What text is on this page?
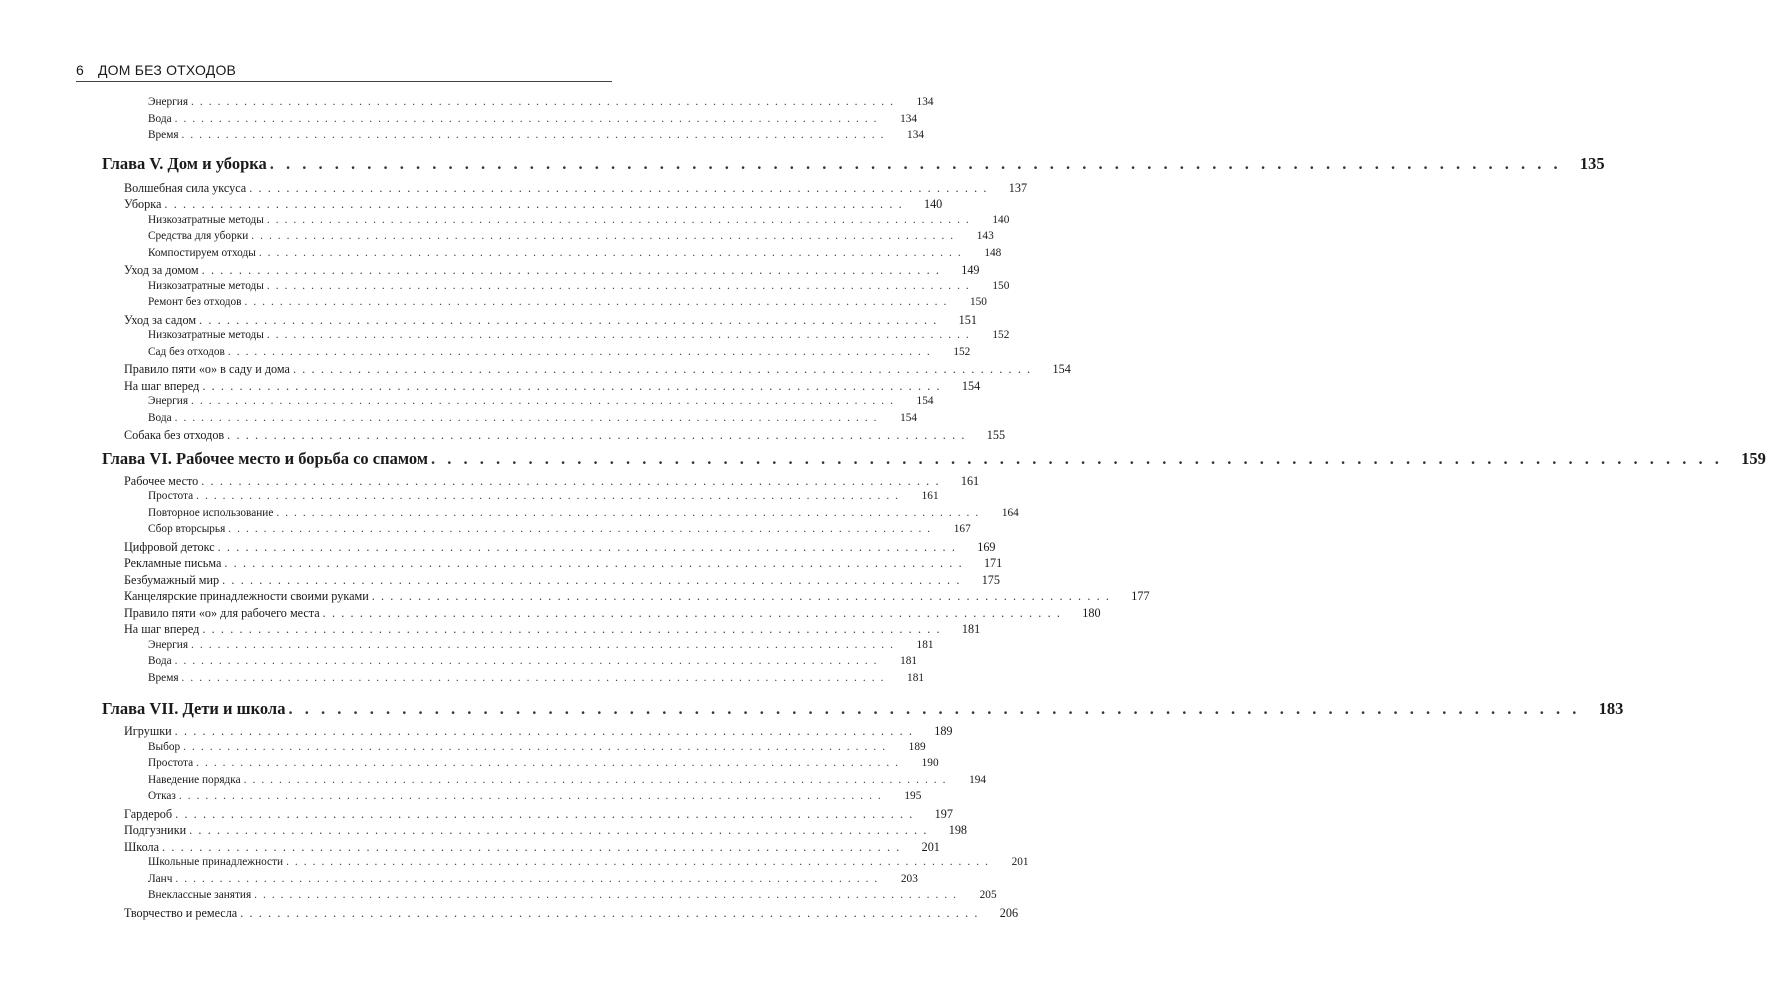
6 ДОМ БЕЗ ОТХОДОВ
Энергия . . . . . . . . . . . . . . . . . . . . . . . . . . . . . . . . . . . . . . . . . . . . . . . . . . . . . . . . . . . . . . . . . . . . . . . . . . . . . . . .	134
Вода . . . . . . . . . . . . . . . . . . . . . . . . . . . . . . . . . . . . . . . . . . . . . . . . . . . . . . . . . . . . . . . . . . . . . . . . . . . . . . . .	134
Время . . . . . . . . . . . . . . . . . . . . . . . . . . . . . . . . . . . . . . . . . . . . . . . . . . . . . . . . . . . . . . . . . . . . . . . . . . . . . . . .	134
Глава V. Дом и уборка . . . . . . . . . . . . . . . . . . . . . . . . . . . . . . . . . . . . . . . . . . . . . . . . . . . . . . . . . . . . . . . . . . . . . . . . . . . . . . . .	135
Волшебная сила уксуса . . . . . . . . . . . . . . . . . . . . . . . . . . . . . . . . . . . . . . . . . . . . . . . . . . . . . . . . . . . . . . . . . . . . . . . . . . . . . . . .	137
Уборка . . . . . . . . . . . . . . . . . . . . . . . . . . . . . . . . . . . . . . . . . . . . . . . . . . . . . . . . . . . . . . . . . . . . . . . . . . . . . . . .	140
Низкозатратные методы . . . . . . . . . . . . . . . . . . . . . . . . . . . . . . . . . . . . . . . . . . . . . . . . . . . . . . . . . . . . . . . . . . . . . . . . . . . . . . . .	140
Средства для уборки . . . . . . . . . . . . . . . . . . . . . . . . . . . . . . . . . . . . . . . . . . . . . . . . . . . . . . . . . . . . . . . . . . . . . . . . . . . . . . . .	143
Компостируем отходы . . . . . . . . . . . . . . . . . . . . . . . . . . . . . . . . . . . . . . . . . . . . . . . . . . . . . . . . . . . . . . . . . . . . . . . . . . . . . . . .	148
Уход за домом . . . . . . . . . . . . . . . . . . . . . . . . . . . . . . . . . . . . . . . . . . . . . . . . . . . . . . . . . . . . . . . . . . . . . . . . . . . . . . . .	149
Низкозатратные методы . . . . . . . . . . . . . . . . . . . . . . . . . . . . . . . . . . . . . . . . . . . . . . . . . . . . . . . . . . . . . . . . . . . . . . . . . . . . . . . .	150
Ремонт без отходов . . . . . . . . . . . . . . . . . . . . . . . . . . . . . . . . . . . . . . . . . . . . . . . . . . . . . . . . . . . . . . . . . . . . . . . . . . . . . . . .	150
Уход за садом . . . . . . . . . . . . . . . . . . . . . . . . . . . . . . . . . . . . . . . . . . . . . . . . . . . . . . . . . . . . . . . . . . . . . . . . . . . . . . . .	151
Низкозатратные методы . . . . . . . . . . . . . . . . . . . . . . . . . . . . . . . . . . . . . . . . . . . . . . . . . . . . . . . . . . . . . . . . . . . . . . . . . . . . . . . .	152
Сад без отходов . . . . . . . . . . . . . . . . . . . . . . . . . . . . . . . . . . . . . . . . . . . . . . . . . . . . . . . . . . . . . . . . . . . . . . . . . . . . . . . .	152
Правило пяти «о» в саду и дома . . . . . . . . . . . . . . . . . . . . . . . . . . . . . . . . . . . . . . . . . . . . . . . . . . . . . . . . . . . . . . . . . . . . . . . . . . . . . . . .	154
На шаг вперед . . . . . . . . . . . . . . . . . . . . . . . . . . . . . . . . . . . . . . . . . . . . . . . . . . . . . . . . . . . . . . . . . . . . . . . . . . . . . . . .	154
Энергия . . . . . . . . . . . . . . . . . . . . . . . . . . . . . . . . . . . . . . . . . . . . . . . . . . . . . . . . . . . . . . . . . . . . . . . . . . . . . . . .	154
Вода . . . . . . . . . . . . . . . . . . . . . . . . . . . . . . . . . . . . . . . . . . . . . . . . . . . . . . . . . . . . . . . . . . . . . . . . . . . . . . . .	154
Собака без отходов . . . . . . . . . . . . . . . . . . . . . . . . . . . . . . . . . . . . . . . . . . . . . . . . . . . . . . . . . . . . . . . . . . . . . . . . . . . . . . . .	155
Глава VI. Рабочее место и борьба со спамом . . . . . . . . . . . . . . . . . . . . . . . . . . . . . . . . . . . . . . . . . . . . . . . . . . . . . . . . . . . . . . . . . . . . . . . . . . . . . . . .	159
Рабочее место . . . . . . . . . . . . . . . . . . . . . . . . . . . . . . . . . . . . . . . . . . . . . . . . . . . . . . . . . . . . . . . . . . . . . . . . . . . . . . . .	161
Простота . . . . . . . . . . . . . . . . . . . . . . . . . . . . . . . . . . . . . . . . . . . . . . . . . . . . . . . . . . . . . . . . . . . . . . . . . . . . . . . .	161
Повторное использование . . . . . . . . . . . . . . . . . . . . . . . . . . . . . . . . . . . . . . . . . . . . . . . . . . . . . . . . . . . . . . . . . . . . . . . . . . . . . . . .	164
Сбор вторсырья . . . . . . . . . . . . . . . . . . . . . . . . . . . . . . . . . . . . . . . . . . . . . . . . . . . . . . . . . . . . . . . . . . . . . . . . . . . . . . . .	167
Цифровой детокс . . . . . . . . . . . . . . . . . . . . . . . . . . . . . . . . . . . . . . . . . . . . . . . . . . . . . . . . . . . . . . . . . . . . . . . . . . . . . . . .	169
Рекламные письма . . . . . . . . . . . . . . . . . . . . . . . . . . . . . . . . . . . . . . . . . . . . . . . . . . . . . . . . . . . . . . . . . . . . . . . . . . . . . . . .	171
Безбумажный мир . . . . . . . . . . . . . . . . . . . . . . . . . . . . . . . . . . . . . . . . . . . . . . . . . . . . . . . . . . . . . . . . . . . . . . . . . . . . . . . .	175
Канцелярские принадлежности своими руками . . . . . . . . . . . . . . . . . . . . . . . . . . . . . . . . . . . . . . . . . . . . . . . . . . . . . . . . . . . . . . . . . . . . . . . . . . . . . . . .	177
Правило пяти «о» для рабочего места . . . . . . . . . . . . . . . . . . . . . . . . . . . . . . . . . . . . . . . . . . . . . . . . . . . . . . . . . . . . . . . . . . . . . . . . . . . . . . . .	180
На шаг вперед . . . . . . . . . . . . . . . . . . . . . . . . . . . . . . . . . . . . . . . . . . . . . . . . . . . . . . . . . . . . . . . . . . . . . . . . . . . . . . . .	181
Энергия . . . . . . . . . . . . . . . . . . . . . . . . . . . . . . . . . . . . . . . . . . . . . . . . . . . . . . . . . . . . . . . . . . . . . . . . . . . . . . . .	181
Вода . . . . . . . . . . . . . . . . . . . . . . . . . . . . . . . . . . . . . . . . . . . . . . . . . . . . . . . . . . . . . . . . . . . . . . . . . . . . . . . .	181
Время . . . . . . . . . . . . . . . . . . . . . . . . . . . . . . . . . . . . . . . . . . . . . . . . . . . . . . . . . . . . . . . . . . . . . . . . . . . . . . . .	181
Глава VII. Дети и школа . . . . . . . . . . . . . . . . . . . . . . . . . . . . . . . . . . . . . . . . . . . . . . . . . . . . . . . . . . . . . . . . . . . . . . . . . . . . . . . .	183
Игрушки . . . . . . . . . . . . . . . . . . . . . . . . . . . . . . . . . . . . . . . . . . . . . . . . . . . . . . . . . . . . . . . . . . . . . . . . . . . . . . . .	189
Выбор . . . . . . . . . . . . . . . . . . . . . . . . . . . . . . . . . . . . . . . . . . . . . . . . . . . . . . . . . . . . . . . . . . . . . . . . . . . . . . . .	189
Простота . . . . . . . . . . . . . . . . . . . . . . . . . . . . . . . . . . . . . . . . . . . . . . . . . . . . . . . . . . . . . . . . . . . . . . . . . . . . . . . .	190
Наведение порядка . . . . . . . . . . . . . . . . . . . . . . . . . . . . . . . . . . . . . . . . . . . . . . . . . . . . . . . . . . . . . . . . . . . . . . . . . . . . . . . .	194
Отказ . . . . . . . . . . . . . . . . . . . . . . . . . . . . . . . . . . . . . . . . . . . . . . . . . . . . . . . . . . . . . . . . . . . . . . . . . . . . . . . .	195
Гардероб . . . . . . . . . . . . . . . . . . . . . . . . . . . . . . . . . . . . . . . . . . . . . . . . . . . . . . . . . . . . . . . . . . . . . . . . . . . . . . . .	197
Подгузники . . . . . . . . . . . . . . . . . . . . . . . . . . . . . . . . . . . . . . . . . . . . . . . . . . . . . . . . . . . . . . . . . . . . . . . . . . . . . . . .	198
Школа . . . . . . . . . . . . . . . . . . . . . . . . . . . . . . . . . . . . . . . . . . . . . . . . . . . . . . . . . . . . . . . . . . . . . . . . . . . . . . . .	201
Школьные принадлежности . . . . . . . . . . . . . . . . . . . . . . . . . . . . . . . . . . . . . . . . . . . . . . . . . . . . . . . . . . . . . . . . . . . . . . . . . . . . . . . .	201
Ланч . . . . . . . . . . . . . . . . . . . . . . . . . . . . . . . . . . . . . . . . . . . . . . . . . . . . . . . . . . . . . . . . . . . . . . . . . . . . . . . .	203
Внеклассные занятия . . . . . . . . . . . . . . . . . . . . . . . . . . . . . . . . . . . . . . . . . . . . . . . . . . . . . . . . . . . . . . . . . . . . . . . . . . . . . . . .	205
Творчество и ремесла . . . . . . . . . . . . . . . . . . . . . . . . . . . . . . . . . . . . . . . . . . . . . . . . . . . . . . . . . . . . . . . . . . . . . . . . . . . . . . . .	206
